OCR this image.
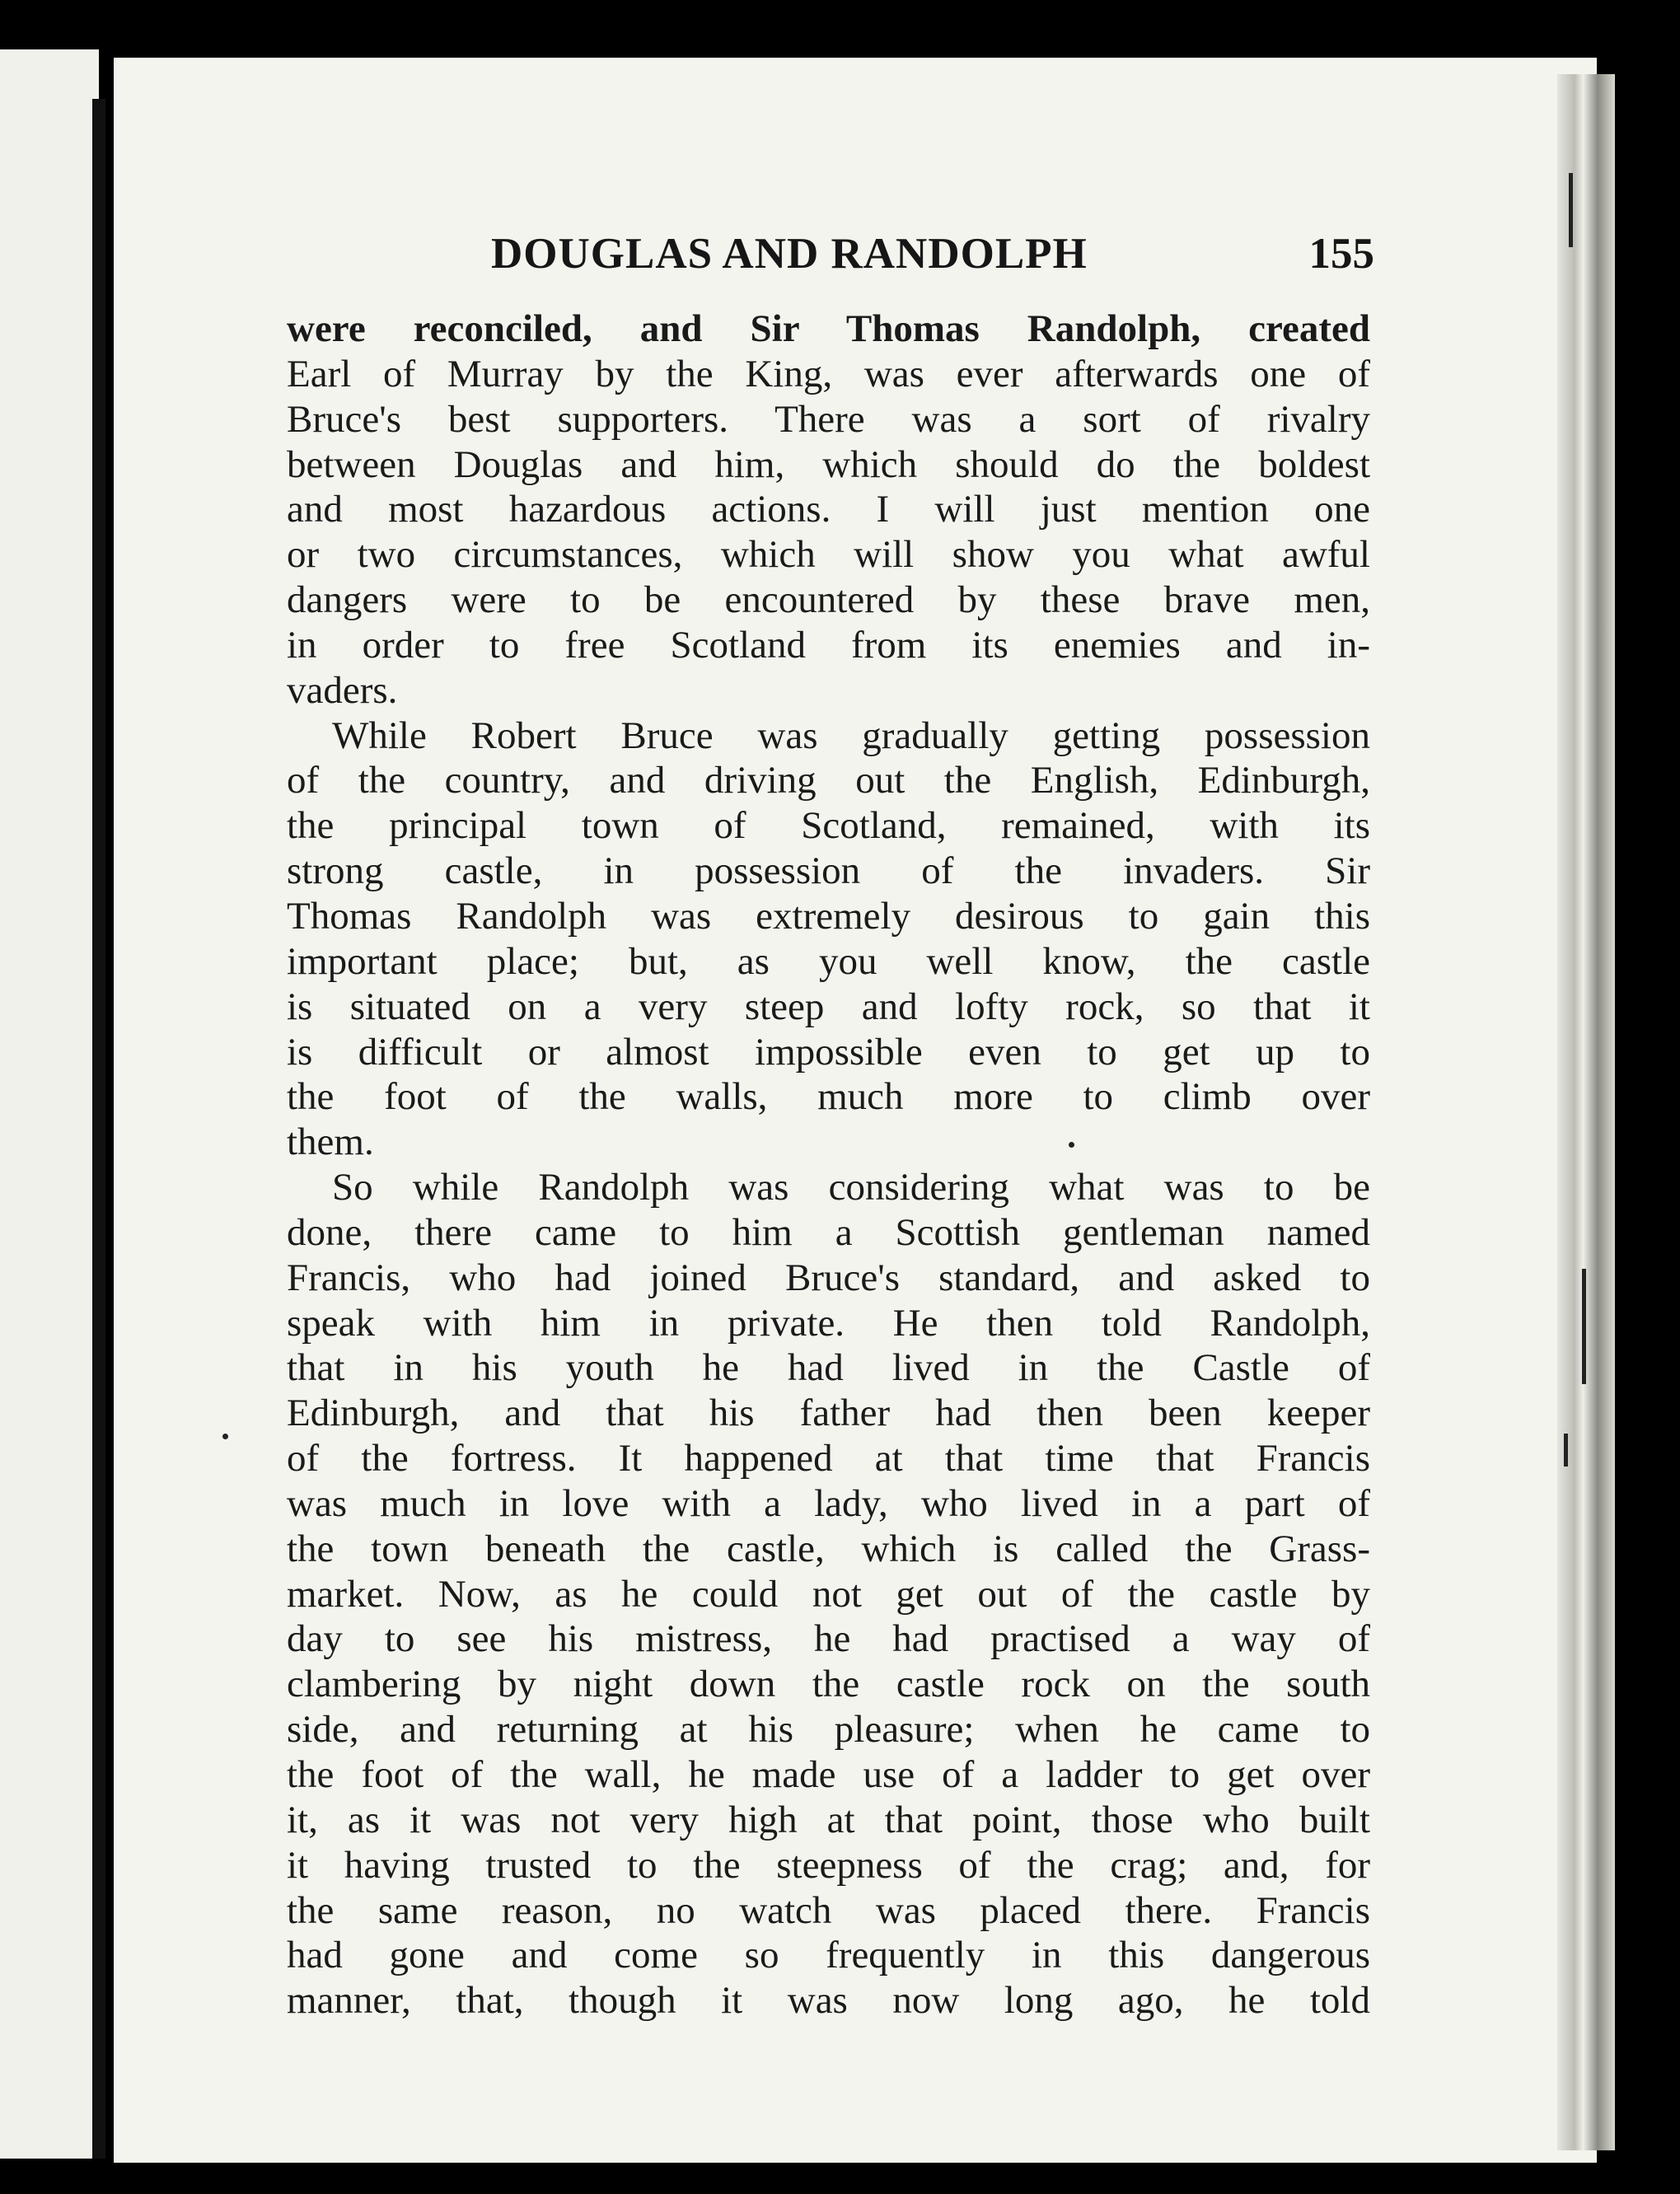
DOUGLAS AND RANDOLPH	155
were reconciled, and Sir Thomas Randolph, created
Earl of Murray by the King, was ever afterwards one of
Bruce's best supporters. There was a sort of rivalry
between Douglas and him, which should do the boldest
and most hazardous actions. I will just mention one
or two circumstances, which will show you what awful
dangers were to be encountered by these brave men,
in order to free Scotland from its enemies and in-
vaders.
While Robert Bruce was gradually getting possession
of the country, and driving out the English, Edinburgh,
the principal town of Scotland, remained, with its
strong castle, in possession of the invaders. Sir
Thomas Randolph was extremely desirous to gain this
important place; but, as you well know, the castle
is situated on a very steep and lofty rock, so that it
is difficult or almost impossible even to get up to
the foot of the walls, much more to climb over
them.
So while Randolph was considering what was to be
done, there came to him a Scottish gentleman named
Francis, who had joined Bruce's standard, and asked to
speak with him in private. He then told Randolph,
that in his youth he had lived in the Castle of
Edinburgh, and that his father had then been keeper
of the fortress. It happened at that time that Francis
was much in love with a lady, who lived in a part of
the town beneath the castle, which is called the Grass-
market. Now, as he could not get out of the castle by
day to see his mistress, he had practised a way of
clambering by night down the castle rock on the south
side, and returning at his pleasure; when he came to
the foot of the wall, he made use of a ladder to get over
it, as it was not very high at that point, those who built
it having trusted to the steepness of the crag; and, for
the same reason, no watch was placed there. Francis
had gone and come so frequently in this dangerous
manner, that, though it was now long ago, he told
